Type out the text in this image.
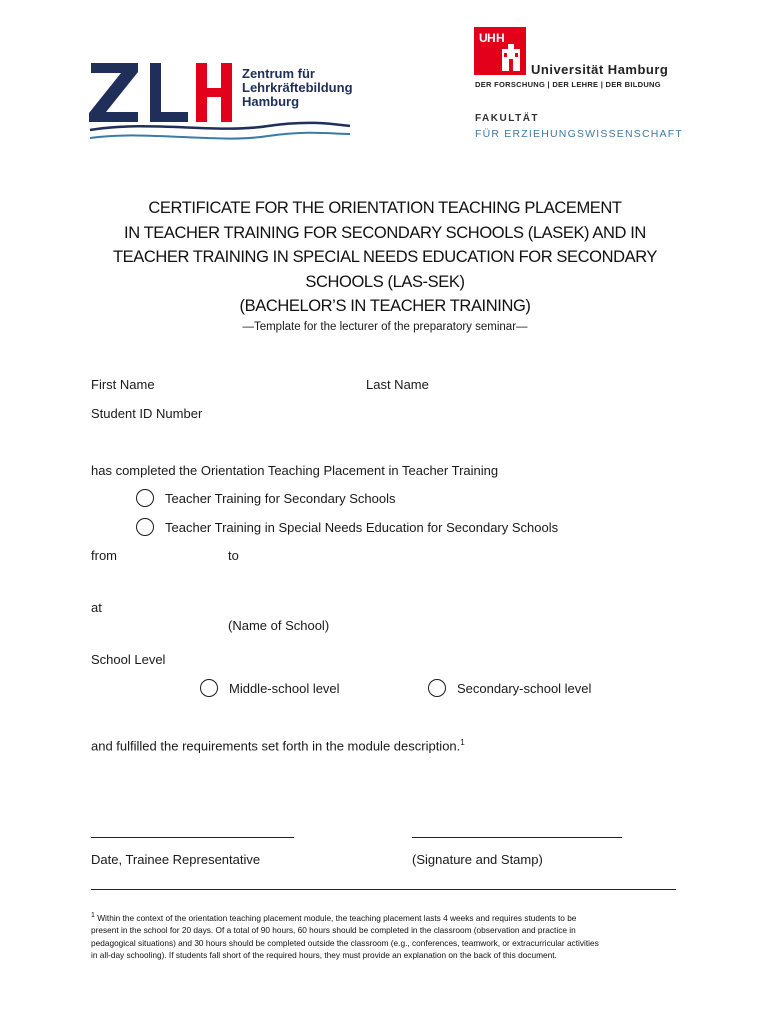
Zentrum für
Lehrkräftebildung
Hamburg
U H H
Universität Hamburg
DER FORSCHUNG | DER LEHRE | DER BILDUNG
FAKULTÄT
FÜR ERZIEHUNGSWISSENSCHAFT
CERTIFICATE FOR THE ORIENTATION TEACHING PLACEMENT
IN TEACHER TRAINING FOR SECONDARY SCHOOLS (LASEK) AND IN
TEACHER TRAINING IN SPECIAL NEEDS EDUCATION FOR SECONDARY
SCHOOLS (LAS-SEK)
(BACHELOR’S IN TEACHER TRAINING)
—Template for the lecturer of the preparatory seminar—
First Name	Last Name
Student ID Number
has completed the Orientation Teaching Placement in Teacher Training
Teacher Training for Secondary Schools
Teacher Training in Special Needs Education for Secondary Schools
from	to
at
(Name of School)
School Level
Middle-school level	Secondary-school level
and fulfilled the requirements set forth in the module description.$^1$
Date, Trainee Representative	(Signature and Stamp)
$^1$ Within the context of the orientation teaching placement module, the teaching placement lasts 4 weeks and requires students to be
present in the school for 20 days. Of a total of 90 hours, 60 hours should be completed in the classroom (observation and practice in
pedagogical situations) and 30 hours should be completed outside the classroom (e.g., conferences, teamwork, or extracurricular activities
in all-day schooling). If students fall short of the required hours, they must provide an explanation on the back of this document.
